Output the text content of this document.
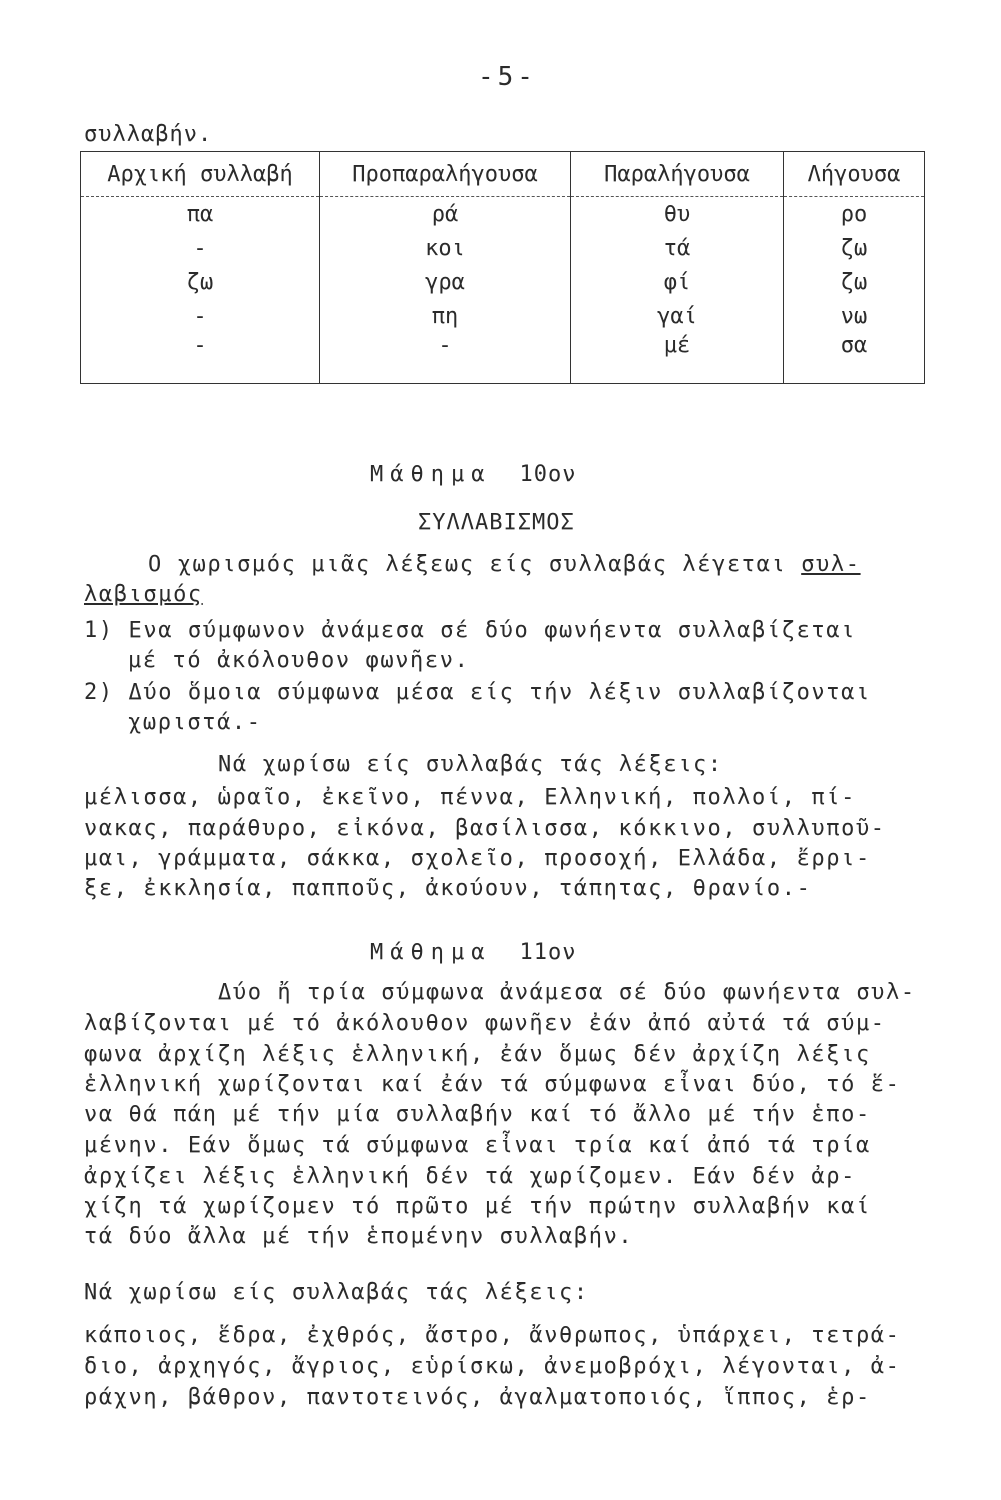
-5-
συλλαβήν.
Αρχική συλλαβή	Προπαραλήγουσα	Παραλήγουσα	Λήγουσα
πα	ρά	θυ	ρο
-	κοι	τά	ζω
ζω	γρα	φί	ζω
-	πη	γαί	νω
-	-	μέ	σα
Μάθημα 10ον
ΣΥΛΛΑΒΙΣΜΟΣ
Ο χωρισμός μιᾶς λέξεως είς συλλαβάς λέγεται συλ-
λαβισμός
1) Ενα σύμφωνον ἀνάμεσα σέ δύο φωνήεντα συλλαβίζεται
μέ τό ἀκόλουθον φωνῆεν.
2) Δύο ὅμοια σύμφωνα μέσα είς τήν λέξιν συλλαβίζονται
χωριστά.-
Νά χωρίσω είς συλλαβάς τάς λέξεις:
μέλισσα, ὡραῖο, ἐκεῖνο, πέννα, Ελληνική, πολλοί, πί-
νακας, παράθυρο, εἰκόνα, βασίλισσα, κόκκινο, συλλυποῦ-
μαι, γράμματα, σάκκα, σχολεῖο, προσοχή, Ελλάδα, ἔρρι-
ξε, ἐκκλησία, παπποῦς, ἀκούουν, τάπητας, θρανίο.-
Μάθημα 11ον
Δύο ἤ τρία σύμφωνα ἀνάμεσα σέ δύο φωνήεντα συλ-
λαβίζονται μέ τό ἀκόλουθον φωνῆεν ἐάν ἀπό αὐτά τά σύμ-
φωνα ἀρχίζη λέξις ἑλληνική, ἐάν ὅμως δέν ἀρχίζη λέξις
ἑλληνική χωρίζονται καί ἐάν τά σύμφωνα εἶναι δύο, τό ἕ-
να θά πάη μέ τήν μία συλλαβήν καί τό ἄλλο μέ τήν ἑπο-
μένην. Εάν ὅμως τά σύμφωνα εἶναι τρία καί ἀπό τά τρία
ἀρχίζει λέξις ἑλληνική δέν τά χωρίζομεν. Εάν δέν ἀρ-
χίζη τά χωρίζομεν τό πρῶτο μέ τήν πρώτην συλλαβήν καί
τά δύο ἄλλα μέ τήν ἑπομένην συλλαβήν.
Νά χωρίσω είς συλλαβάς τάς λέξεις:
κάποιος, ἕδρα, ἐχθρός, ἄστρο, ἄνθρωπος, ὑπάρχει, τετρά-
διο, ἀρχηγός, ἄγριος, εὑρίσκω, ἀνεμοβρόχι, λέγονται, ἀ-
ράχνη, βάθρον, παντοτεινός, ἀγαλματοποιός, ἵππος, ἑρ-
